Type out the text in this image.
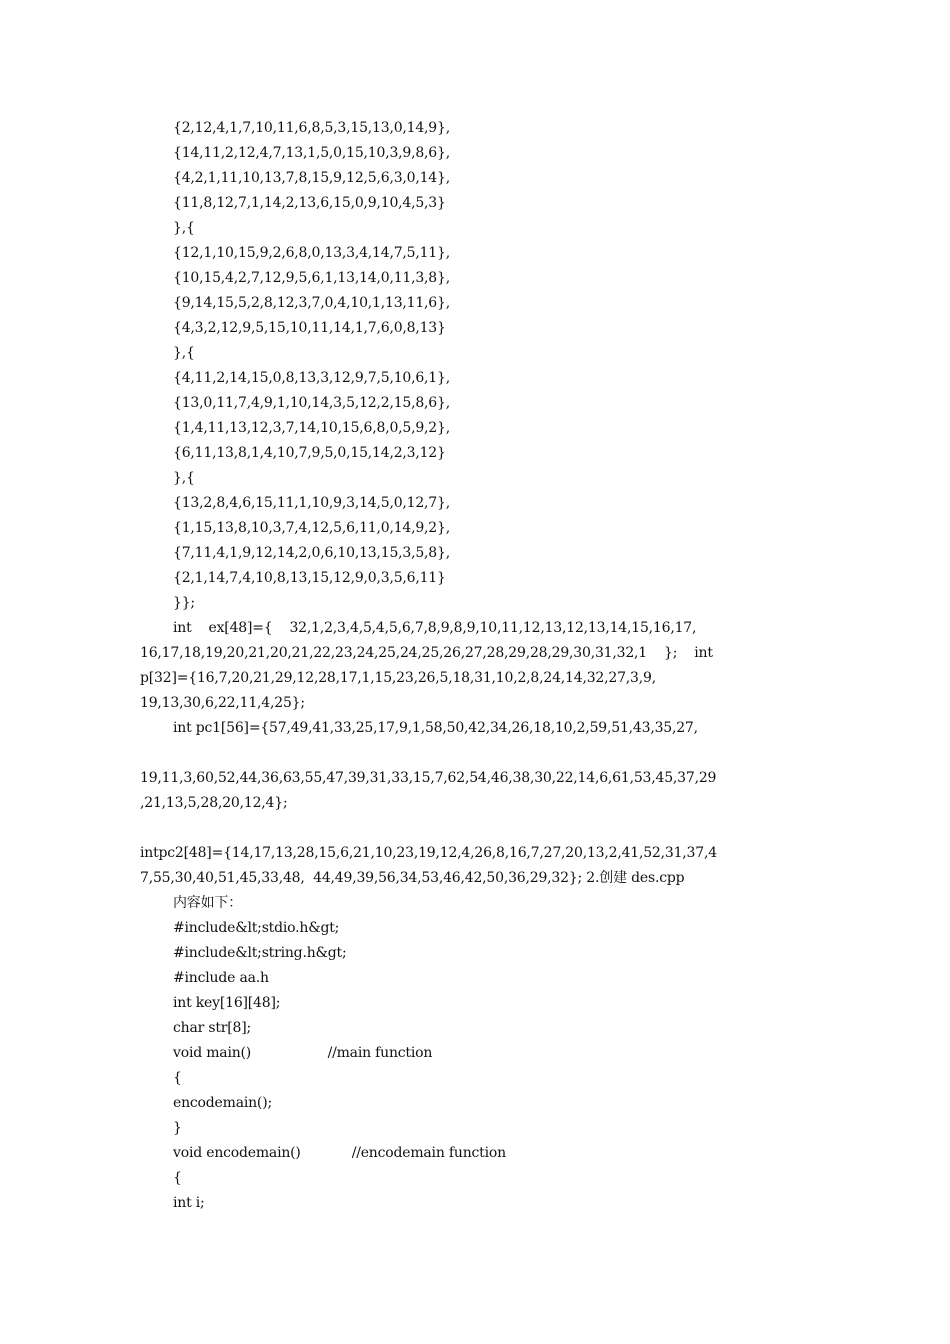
{2,12,4,1,7,10,11,6,8,5,3,15,13,0,14,9},
{14,11,2,12,4,7,13,1,5,0,15,10,3,9,8,6},
{4,2,1,11,10,13,7,8,15,9,12,5,6,3,0,14},
{11,8,12,7,1,14,2,13,6,15,0,9,10,4,5,3}
},{
{12,1,10,15,9,2,6,8,0,13,3,4,14,7,5,11},
{10,15,4,2,7,12,9,5,6,1,13,14,0,11,3,8},
{9,14,15,5,2,8,12,3,7,0,4,10,1,13,11,6},
{4,3,2,12,9,5,15,10,11,14,1,7,6,0,8,13}
},{
{4,11,2,14,15,0,8,13,3,12,9,7,5,10,6,1},
{13,0,11,7,4,9,1,10,14,3,5,12,2,15,8,6},
{1,4,11,13,12,3,7,14,10,15,6,8,0,5,9,2},
{6,11,13,8,1,4,10,7,9,5,0,15,14,2,3,12}
},{
{13,2,8,4,6,15,11,1,10,9,3,14,5,0,12,7},
{1,15,13,8,10,3,7,4,12,5,6,11,0,14,9,2},
{7,11,4,1,9,12,14,2,0,6,10,13,15,3,5,8},
{2,1,14,7,4,10,8,13,15,12,9,0,3,5,6,11}
}};
int    ex[48]={    32,1,2,3,4,5,4,5,6,7,8,9,8,9,10,11,12,13,12,13,14,15,16,17,
16,17,18,19,20,21,20,21,22,23,24,25,24,25,26,27,28,29,28,29,30,31,32,1    };    int
p[32]={16,7,20,21,29,12,28,17,1,15,23,26,5,18,31,10,2,8,24,14,32,27,3,9,
19,13,30,6,22,11,4,25};
int pc1[56]={57,49,41,33,25,17,9,1,58,50,42,34,26,18,10,2,59,51,43,35,27,
19,11,3,60,52,44,36,63,55,47,39,31,33,15,7,62,54,46,38,30,22,14,6,61,53,45,37,29
,21,13,5,28,20,12,4};
intpc2[48]={14,17,13,28,15,6,21,10,23,19,12,4,26,8,16,7,27,20,13,2,41,52,31,37,4
7,55,30,40,51,45,33,48,  44,49,39,56,34,53,46,42,50,36,29,32}; 2.创建 des.cpp
内容如下：
#include&lt;stdio.h&gt;
#include&lt;string.h&gt;
#include aa.h
int key[16][48];
char str[8];
void main()                  //main function
{
encodemain();
}
void encodemain()            //encodemain function
{
int i;
